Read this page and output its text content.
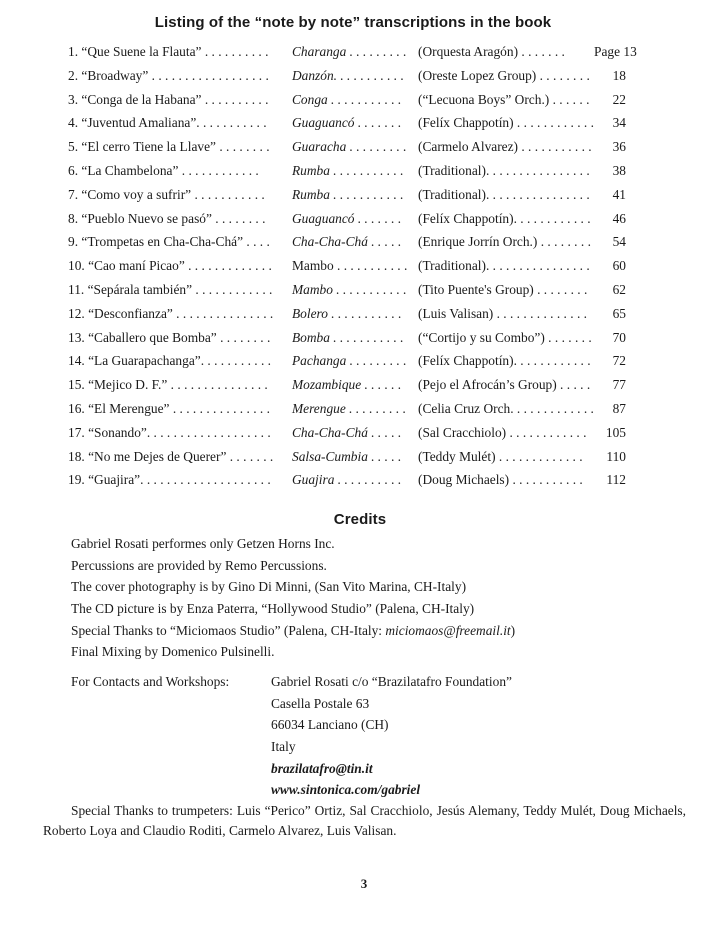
Listing of the “note by note” transcriptions in the book
1. “Que Suene la Flauta” . . . . . . . . . .	Charanga . . . . . . . . . (Orquesta Aragón) . . . . . . .	Page 13
2. “Broadway” . . . . . . . . . . . . . . . . . .	Danzón. . . . . . . . . . .	(Oreste Lopez Group) . . . . . . . .	18
3. “Conga de la Habana” . . . . . . . . . .	Conga . . . . . . . . . . .	(“Lecuona Boys” Orch.) . . . . . .	22
4. “Juventud Amaliana”. . . . . . . . . . .	Guaguancó . . . . . . .	(Felíx Chappotín) . . . . . . . . . . . .	34
5. “El cerro Tiene la Llave” . . . . . . . .	Guaracha . . . . . . . . . (Carmelo Alvarez) . . . . . . . . . . .	36
6. “La Chambelona” . . . . . . . . . . . .	Rumba . . . . . . . . . . .	(Traditional). . . . . . . . . . . . . . . .	38
7. “Como voy a sufrir” . . . . . . . . . . .	Rumba . . . . . . . . . . .	(Traditional). . . . . . . . . . . . . . . .	41
8. “Pueblo Nuevo se pasó” . . . . . . . .	Guaguancó . . . . . . .	(Felíx Chappotín). . . . . . . . . . . .	46
9. “Trompetas en Cha-Cha-Chá” . . . .	Cha-Cha-Chá . . . . .	(Enrique Jorrín Orch.) . . . . . . . .	54
10. “Cao maní Picao” . . . . . . . . . . . . .	Mambo . . . . . . . . . . . (Traditional). . . . . . . . . . . . . . . .	60
11. “Sepárala también” . . . . . . . . . . . .	Mambo . . . . . . . . . . . (Tito Puente's Group) . . . . . . . .	62
12. “Desconfianza” . . . . . . . . . . . . . . .	Bolero . . . . . . . . . . .	(Luis Valisan) . . . . . . . . . . . . . .	65
13. “Caballero que Bomba” . . . . . . . .	Bomba . . . . . . . . . . .	(“Cortijo y su Combo”) . . . . . . .	70
14. “La Guarapachanga”. . . . . . . . . . .	Pachanga . . . . . . . . . (Felíx Chappotín). . . . . . . . . . . .	72
15. “Mejico D. F.” . . . . . . . . . . . . . . .	Mozambique . . . . . .	(Pejo el Afrocán’s Group) . . . . .	77
16. “El Merengue” . . . . . . . . . . . . . . .	Merengue . . . . . . . . . (Celia Cruz Orch. . . . . . . . . . . . .	87
17. “Sonando”. . . . . . . . . . . . . . . . . . .	Cha-Cha-Chá . . . . .	(Sal Cracchiolo) . . . . . . . . . . . .	105
18. “No me Dejes de Querer” . . . . . . .	Salsa-Cumbia . . . . .	(Teddy Mulét) . . . . . . . . . . . . .	110
19. “Guajira”. . . . . . . . . . . . . . . . . . . .	Guajira . . . . . . . . . .	(Doug Michaels) . . . . . . . . . . .	112
Credits
Gabriel Rosati performes only Getzen Horns Inc.
Percussions are provided by Remo Percussions.
The cover photography is by Gino Di Minni, (San Vito Marina, CH-Italy)
The CD picture is by Enza Paterra, “Hollywood Studio” (Palena, CH-Italy)
Special Thanks to “Miciomaos Studio” (Palena, CH-Italy: miciomaos@freemail.it)
Final Mixing by Domenico Pulsinelli.
For Contacts and Workshops:	Gabriel Rosati c/o “Brazilatafro Foundation”
Casella Postale 63
66034 Lanciano (CH)
Italy
brazilatafro@tin.it
www.sintonica.com/gabriel
Special Thanks to trumpeters: Luis “Perico” Ortiz, Sal Cracchiolo, Jesús Alemany, Teddy Mulét, Doug Michaels, Roberto Loya and Claudio Roditi, Carmelo Alvarez, Luis Valisan.
3
